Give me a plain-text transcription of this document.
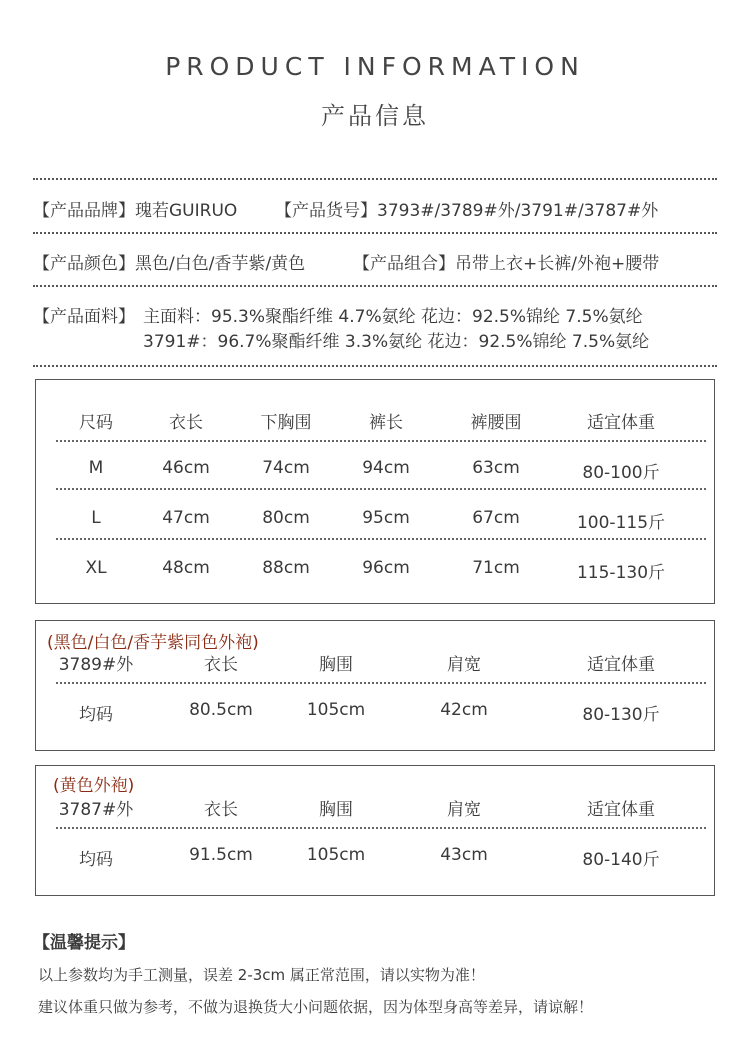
PRODUCT INFORMATION
产品信息
【产品品牌】瑰若GUIRUO 【产品货号】3793#/3789#外/3791#/3787#外
【产品颜色】黑色/白色/香芋紫/黄色	【产品组合】吊带上衣+长裤/外袍+腰带
【产品面料】 主面料：95.3%聚酯纤维 4.7%氨纶 花边：92.5%锦纶 7.5%氨纶
3791#：96.7%聚酯纤维 3.3%氨纶 花边：92.5%锦纶 7.5%氨纶
尺码	衣长	下胸围	裤长	裤腰围	适宜体重
M	46cm	74cm	94cm	63cm	80-100斤
L	47cm	80cm	95cm	67cm	100-115斤
XL	48cm	88cm	96cm	71cm	115-130斤
(黑色/白色/香芋紫同色外袍)
3789#外	衣长	胸围	肩宽	适宜体重
均码	80.5cm	105cm	42cm	80-130斤
(黄色外袍)
3787#外	衣长	胸围	肩宽	适宜体重
均码	91.5cm	105cm	43cm	80-140斤
【温馨提示】
以上参数均为手工测量，误差 2-3cm 属正常范围，请以实物为准！
建议体重只做为参考，不做为退换货大小问题依据，因为体型身高等差异，请谅解！
